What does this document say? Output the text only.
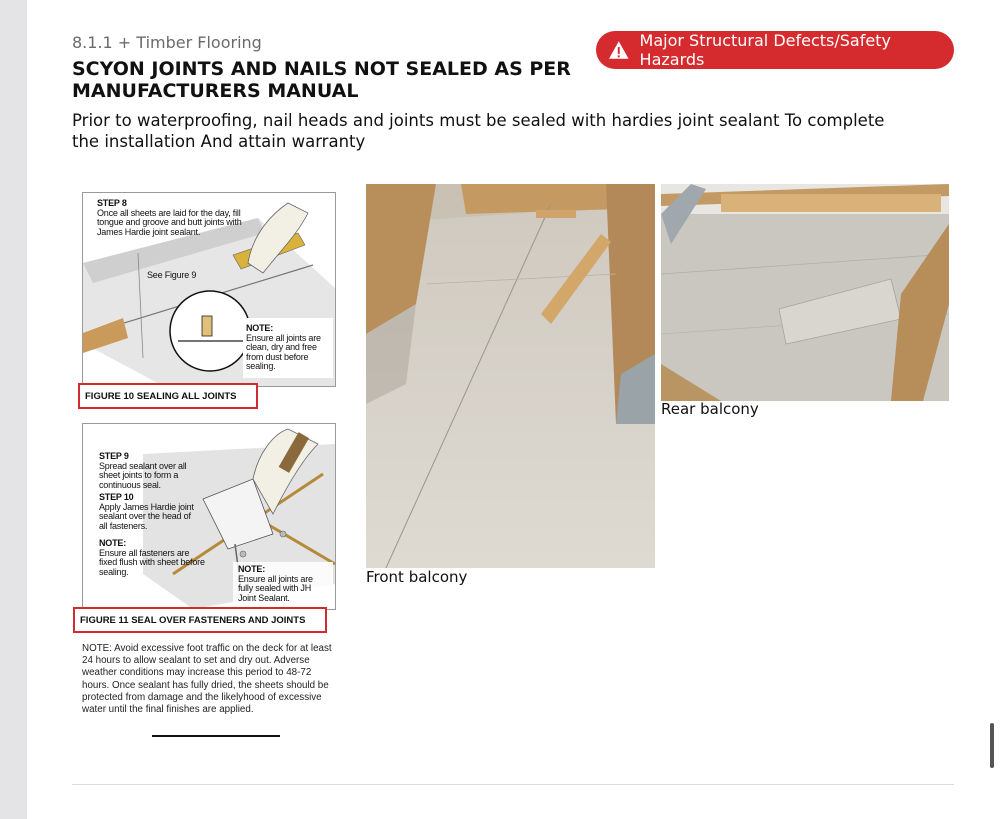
8.1.1 + Timber Flooring
SCYON JOINTS AND NAILS NOT SEALED AS PER MANUFACTURERS MANUAL
Major Structural Defects/Safety Hazards
Prior to waterproofing, nail heads and joints must be sealed with hardies joint sealant To complete the installation And attain warranty
STEP 8
Once all sheets are laid for the day, fill tongue and groove and butt joints with James Hardie joint sealant.
See Figure 9
NOTE:
Ensure all joints are clean, dry and free from dust before sealing.
FIGURE 10 SEALING ALL JOINTS
STEP 9
Spread sealant over all sheet joints to form a continuous seal.
STEP 10
Apply James Hardie joint sealant over the head of all fasteners.
NOTE:
Ensure all fasteners are fixed flush with sheet before sealing.	NOTE:
Ensure all joints are fully sealed with JH Joint Sealant.
FIGURE 11 SEAL OVER FASTENERS AND JOINTS
NOTE: Avoid excessive foot traffic on the deck for at least 24 hours to allow sealant to set and dry out. Adverse weather conditions may increase this period to 48-72 hours. Once sealant has fully dried, the sheets should be protected from damage and the likelyhood of excessive water until the final finishes are applied.
Front balcony
Rear balcony
